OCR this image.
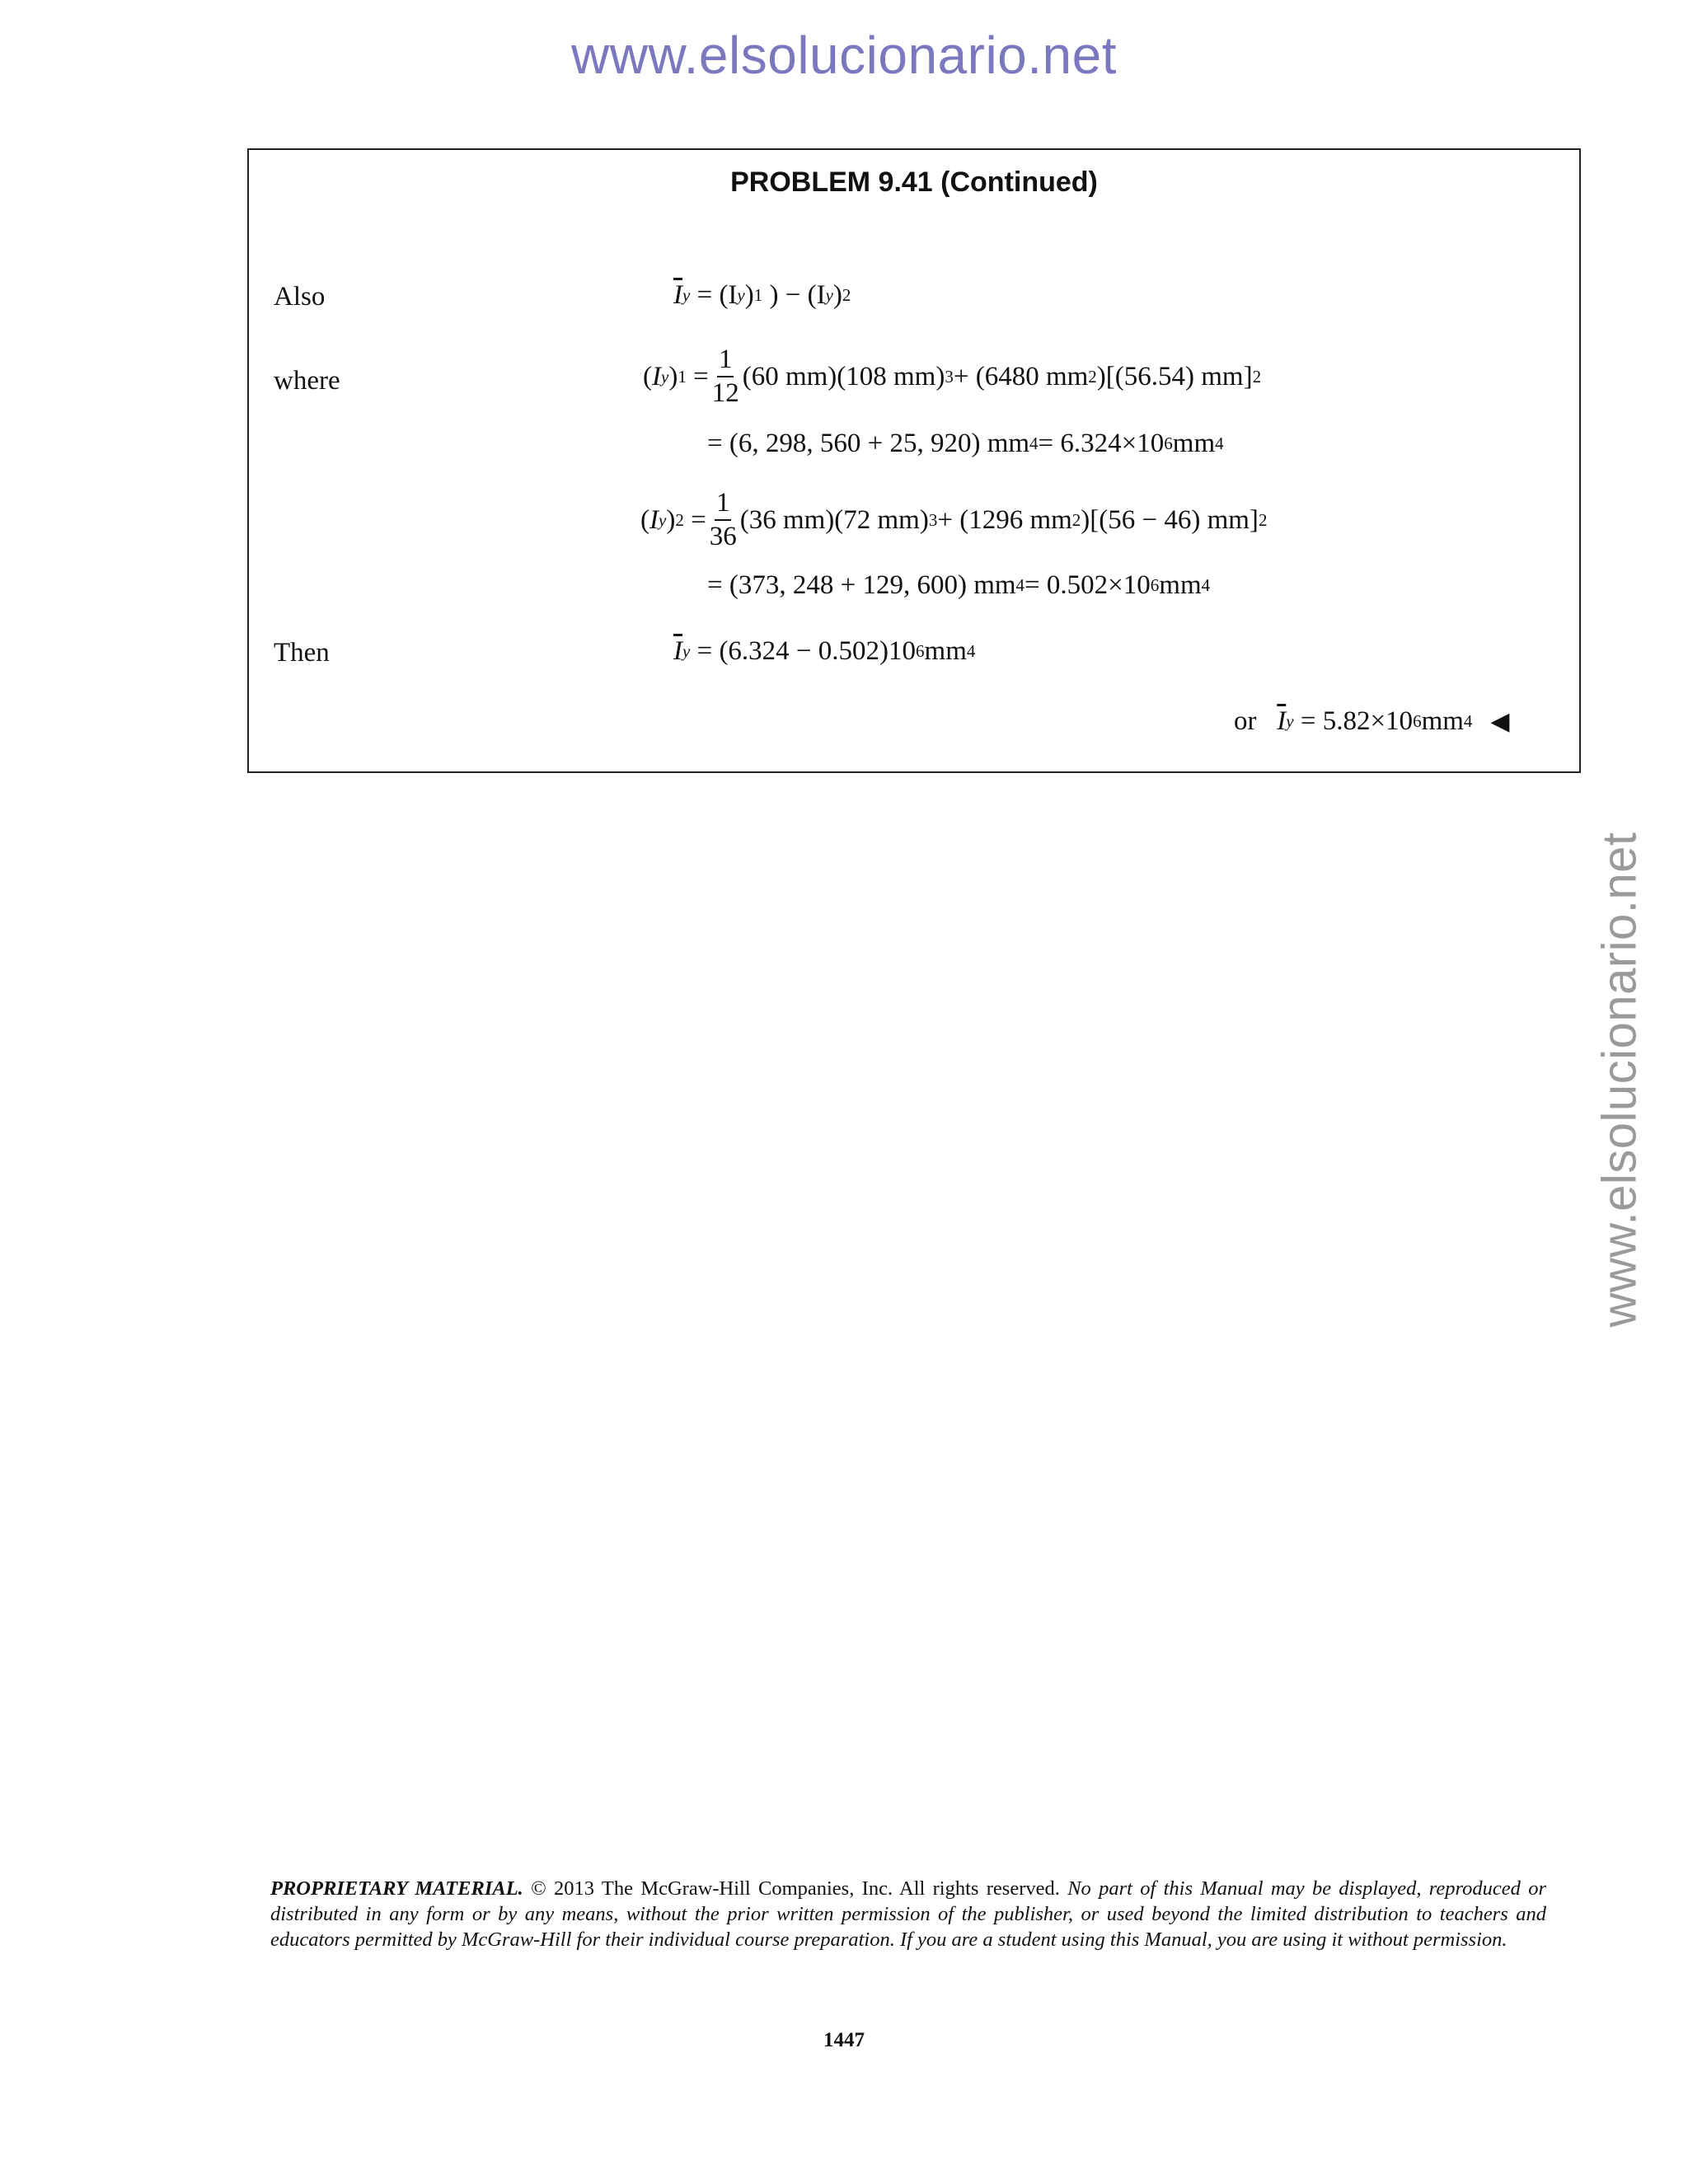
www.elsolucionario.net
www.elsolucionario.net
PROBLEM 9.41 (Continued)
Also	$\overline{I}$ y
= (I y ) 1
) − (I y ) 2
where	( I y ) $1 = \frac{1}{12} (60$ mm)(108 mm) 3 + (6480 mm 2 )[(56.54) mm] 2
= (6, 298, 560 + 25, 920) mm 4 = 6.324×10 6 mm 4
( I y ) $2 = \frac{1}{36} (36$ mm)(72 mm) 3 + (1296 mm 2 )[(56 − 46) mm] 2
= (373, 248 + 129, 600) mm 4 = 0.502×10 6 mm 4
Then	$\overline{I}$ y
= (6.324 − 0.502)10 6 mm 4
or
$\overline{I}$ y
= 5.82×10 6 mm 4 ◀
PROPRIETARY MATERIAL. © 2013 The McGraw-Hill Companies, Inc. All rights reserved. No part of this Manual may be displayed, reproduced or distributed in any form or by any means, without the prior written permission of the publisher, or used beyond the limited distribution to teachers and educators permitted by McGraw-Hill for their individual course preparation. If you are a student using this Manual, you are using it without permission.
1447
